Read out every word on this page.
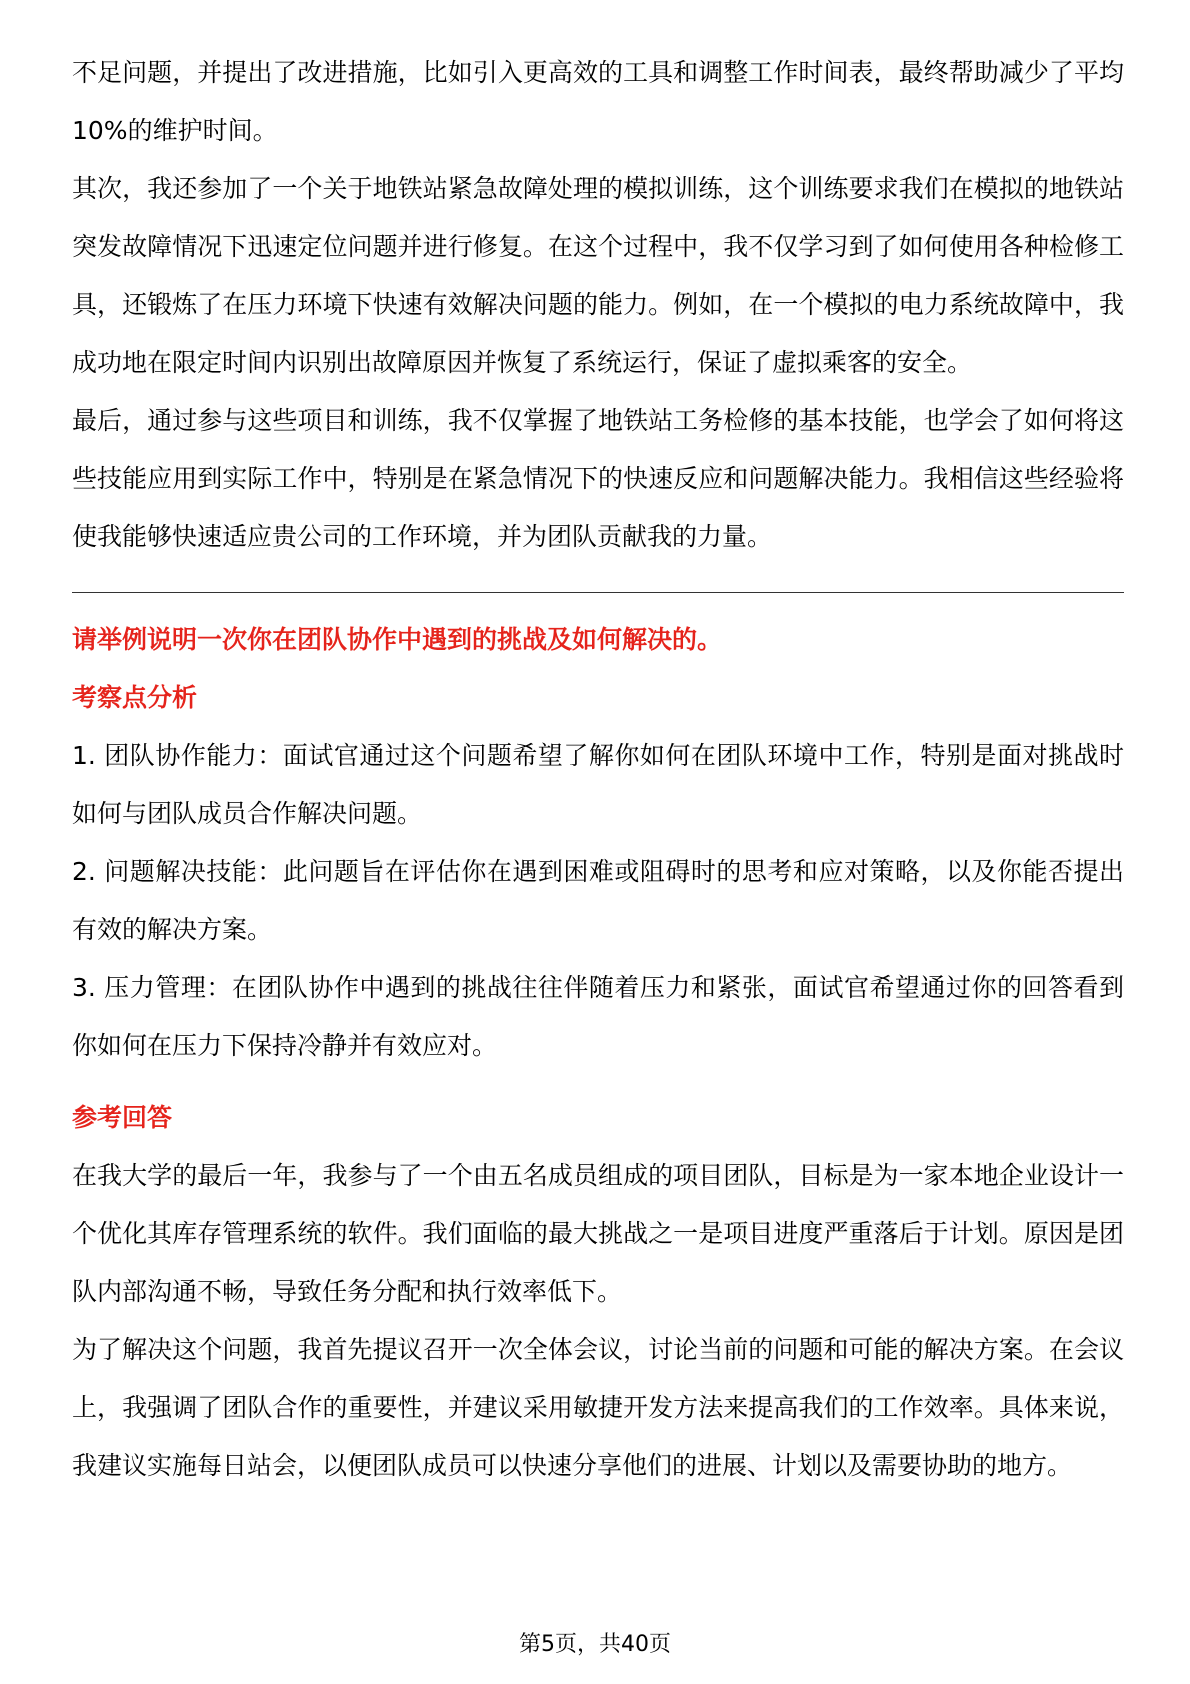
不足问题，并提出了改进措施，比如引入更高效的工具和调整工作时间表，最终帮助减少了平均10%的维护时间。

其次，我还参加了一个关于地铁站紧急故障处理的模拟训练，这个训练要求我们在模拟的地铁站突发故障情况下迅速定位问题并进行修复。在这个过程中，我不仅学习到了如何使用各种检修工具，还锻炼了在压力环境下快速有效解决问题的能力。例如，在一个模拟的电力系统故障中，我成功地在限定时间内识别出故障原因并恢复了系统运行，保证了虚拟乘客的安全。

最后，通过参与这些项目和训练，我不仅掌握了地铁站工务检修的基本技能，也学会了如何将这些技能应用到实际工作中，特别是在紧急情况下的快速反应和问题解决能力。我相信这些经验将使我能够快速适应贵公司的工作环境，并为团队贡献我的力量。

请举例说明一次你在团队协作中遇到的挑战及如何解决的。

考察点分析

1. 团队协作能力：面试官通过这个问题希望了解你如何在团队环境中工作，特别是面对挑战时如何与团队成员合作解决问题。

2. 问题解决技能：此问题旨在评估你在遇到困难或阻碍时的思考和应对策略，以及你能否提出有效的解决方案。

3. 压力管理：在团队协作中遇到的挑战往往伴随着压力和紧张，面试官希望通过你的回答看到你如何在压力下保持冷静并有效应对。

参考回答

在我大学的最后一年，我参与了一个由五名成员组成的项目团队，目标是为一家本地企业设计一个优化其库存管理系统的软件。我们面临的最大挑战之一是项目进度严重落后于计划。原因是团队内部沟通不畅，导致任务分配和执行效率低下。

为了解决这个问题，我首先提议召开一次全体会议，讨论当前的问题和可能的解决方案。在会议上，我强调了团队合作的重要性，并建议采用敏捷开发方法来提高我们的工作效率。具体来说，我建议实施每日站会，以便团队成员可以快速分享他们的进展、计划以及需要协助的地方。

第5页，共40页
